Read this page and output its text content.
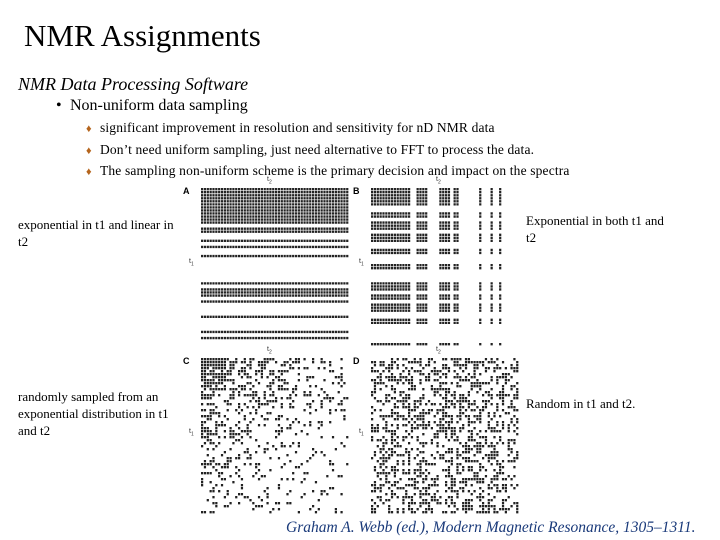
NMR Assignments
NMR Data Processing Software
• Non-uniform data sampling
♦ significant improvement in resolution and sensitivity for nD NMR data
♦ Don’t need uniform sampling, just need alternative to FFT to process the data.
♦ The sampling non-uniform scheme is the primary decision and impact on the spectra
exponential in t1 and linear in t2
Exponential in both t1 and t2
randomly sampled from an exponential distribution in t1 and t2
Random in t1 and t2.
A	B
C	D
$t_2$	$t_2$
$t_2$	$t_2$
$t_1$	$t_1$
$t_1$	$t_1$
Graham A. Webb (ed.), Modern Magnetic Resonance, 1305–1311.
